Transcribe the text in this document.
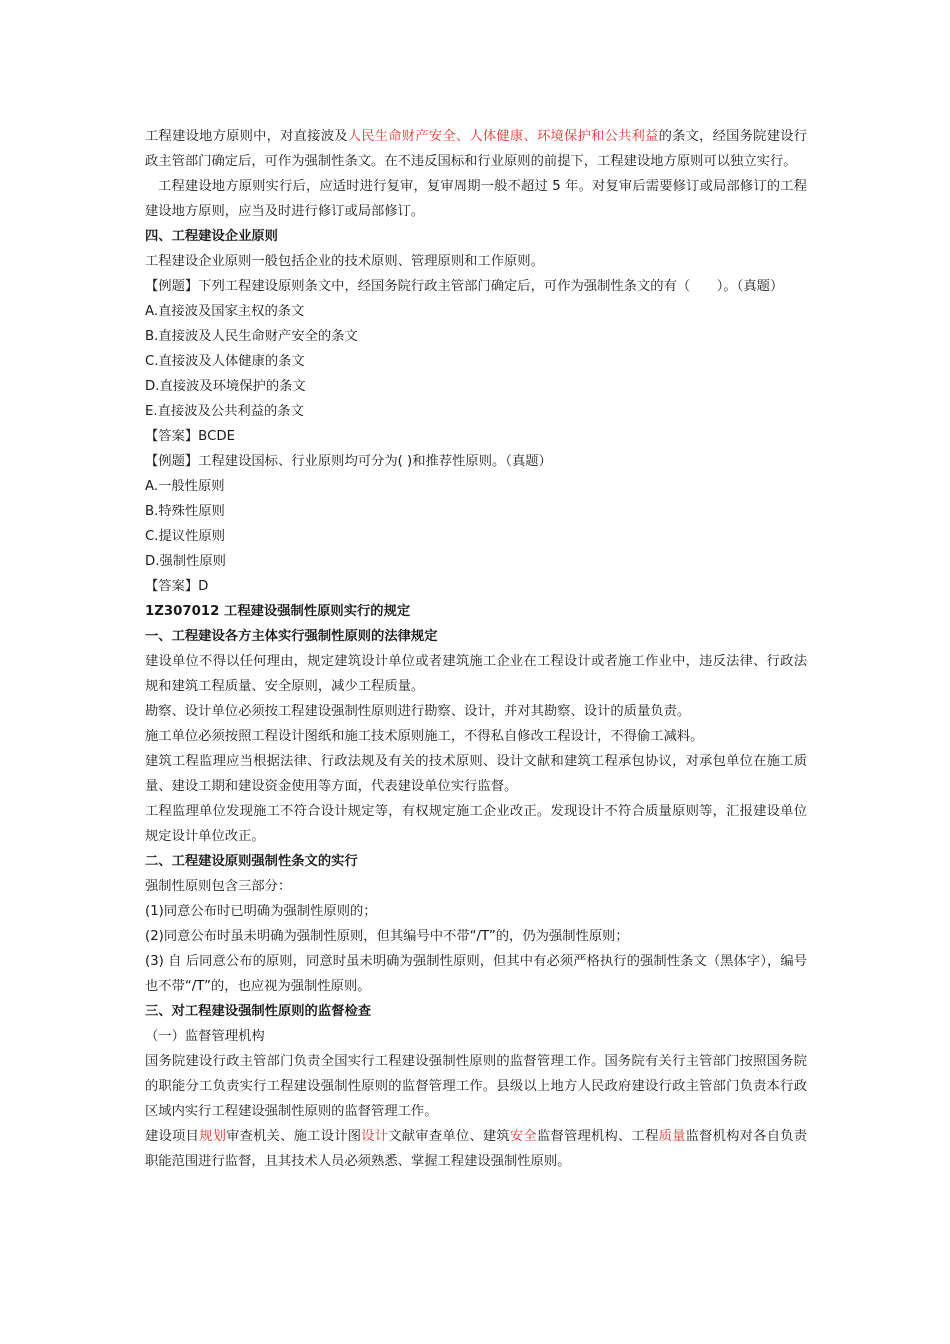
工程建设地方原则中，对直接波及人民生命财产安全、人体健康、环境保护和公共利益的条文，经国务院建设行政主管部门确定后，可作为强制性条文。在不违反国标和行业原则的前提下，工程建设地方原则可以独立实行。

工程建设地方原则实行后，应适时进行复审，复审周期一般不超过 5 年。对复审后需要修订或局部修订的工程建设地方原则，应当及时进行修订或局部修订。

四、工程建设企业原则

工程建设企业原则一般包括企业的技术原则、管理原则和工作原则。

【例题】下列工程建设原则条文中，经国务院行政主管部门确定后，可作为强制性条文的有（　　）。（真题）

A.直接波及国家主权的条文

B.直接波及人民生命财产安全的条文

C.直接波及人体健康的条文

D.直接波及环境保护的条文

E.直接波及公共利益的条文

【答案】BCDE

【例题】工程建设国标、行业原则均可分为( )和推荐性原则。（真题）

A.一般性原则

B.特殊性原则

C.提议性原则

D.强制性原则

【答案】D

1Z307012 工程建设强制性原则实行的规定

一、工程建设各方主体实行强制性原则的法律规定

建设单位不得以任何理由，规定建筑设计单位或者建筑施工企业在工程设计或者施工作业中，违反法律、行政法规和建筑工程质量、安全原则，减少工程质量。

勘察、设计单位必须按工程建设强制性原则进行勘察、设计，并对其勘察、设计的质量负责。

施工单位必须按照工程设计图纸和施工技术原则施工，不得私自修改工程设计，不得偷工减料。

建筑工程监理应当根据法律、行政法规及有关的技术原则、设计文献和建筑工程承包协议，对承包单位在施工质量、建设工期和建设资金使用等方面，代表建设单位实行监督。

工程监理单位发现施工不符合设计规定等，有权规定施工企业改正。发现设计不符合质量原则等，汇报建设单位规定设计单位改正。

二、工程建设原则强制性条文的实行

强制性原则包含三部分：

(1)同意公布时已明确为强制性原则的；

(2)同意公布时虽未明确为强制性原则，但其编号中不带“/T”的，仍为强制性原则；

(3) 自 后同意公布的原则，同意时虽未明确为强制性原则，但其中有必须严格执行的强制性条文（黑体字），编号也不带“/T”的，也应视为强制性原则。

三、对工程建设强制性原则的监督检查

（一）监督管理机构

国务院建设行政主管部门负责全国实行工程建设强制性原则的监督管理工作。国务院有关行主管部门按照国务院的职能分工负责实行工程建设强制性原则的监督管理工作。县级以上地方人民政府建设行政主管部门负责本行政区域内实行工程建设强制性原则的监督管理工作。

建设项目规划审查机关、施工设计图设计文献审查单位、建筑安全监督管理机构、工程质量监督机构对各自负责职能范围进行监督，且其技术人员必须熟悉、掌握工程建设强制性原则。
